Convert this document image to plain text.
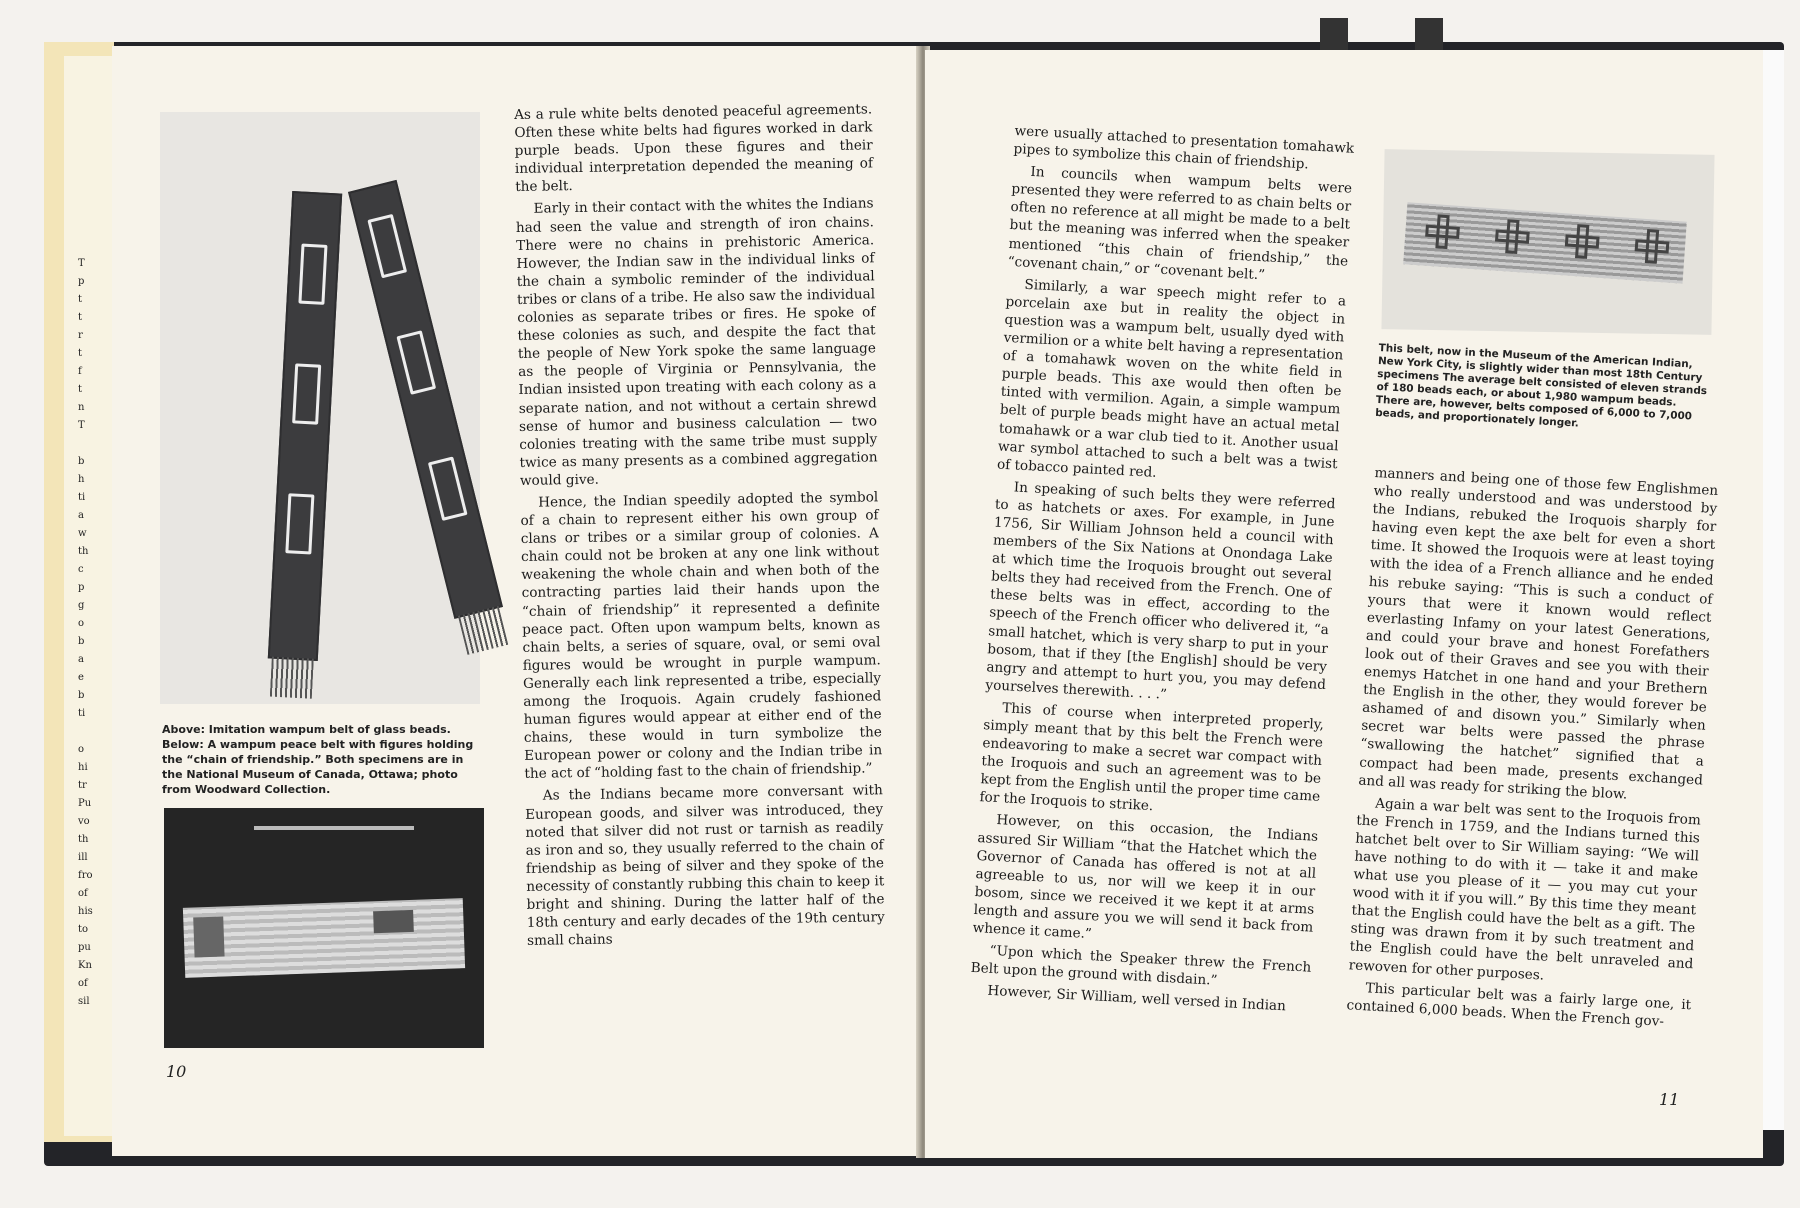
T
p
t
t
r
t
f
t
n
T

b
h
ti
a
w
th
c
p
g
o
b
a
e
b
ti

o
hi
tr
Pu
vo
th
ill
fro
of
his
to
pu
Kn
of
sil
Above: Imitation wampum belt of glass beads. Below: A wampum peace belt with figures holding the “chain of friendship.” Both specimens are in the National Museum of Canada, Ottawa; photo from Woodward Collection.

As a rule white belts denoted peaceful agreements. Often these white belts had figures worked in dark purple beads. Upon these figures and their individual interpretation depended the meaning of the belt.

Early in their contact with the whites the Indians had seen the value and strength of iron chains. There were no chains in prehistoric America. However, the Indian saw in the individual links of the chain a symbolic reminder of the individual tribes or clans of a tribe. He also saw the individual colonies as separate tribes or fires. He spoke of these colonies as such, and despite the fact that the people of New York spoke the same language as the people of Virginia or Pennsylvania, the Indian insisted upon treating with each colony as a separate nation, and not without a certain shrewd sense of humor and business calculation — two colonies treating with the same tribe must supply twice as many presents as a combined aggregation would give.

Hence, the Indian speedily adopted the symbol of a chain to represent either his own group of clans or tribes or a similar group of colonies. A chain could not be broken at any one link without weakening the whole chain and when both of the contracting parties laid their hands upon the “chain of friendship” it represented a definite peace pact. Often upon wampum belts, known as chain belts, a series of square, oval, or semi oval figures would be wrought in purple wampum. Generally each link represented a tribe, especially among the Iroquois. Again crudely fashioned human figures would appear at either end of the chains, these would in turn symbolize the European power or colony and the Indian tribe in the act of “holding fast to the chain of friendship.”

As the Indians became more conversant with European goods, and silver was introduced, they noted that silver did not rust or tarnish as readily as iron and so, they usually referred to the chain of friendship as being of silver and they spoke of the necessity of constantly rubbing this chain to keep it bright and shining. During the latter half of the 18th century and early decades of the 19th century small chains

10

were usually attached to presentation tomahawk pipes to symbolize this chain of friendship.

In councils when wampum belts were presented they were referred to as chain belts or often no reference at all might be made to a belt but the meaning was inferred when the speaker mentioned “this chain of friendship,” the “covenant chain,” or “covenant belt.”

Similarly, a war speech might refer to a porcelain axe but in reality the object in question was a wampum belt, usually dyed with vermilion or a white belt having a representation of a tomahawk woven on the white field in purple beads. This axe would then often be tinted with vermilion. Again, a simple wampum belt of purple beads might have an actual metal tomahawk or a war club tied to it. Another usual war symbol attached to such a belt was a twist of tobacco painted red.

In speaking of such belts they were referred to as hatchets or axes. For example, in June 1756, Sir William Johnson held a council with members of the Six Nations at Onondaga Lake at which time the Iroquois brought out several belts they had received from the French. One of these belts was in effect, according to the speech of the French officer who delivered it, “a small hatchet, which is very sharp to put in your bosom, that if they [the English] should be very angry and attempt to hurt you, you may defend yourselves therewith. . . .”

This of course when interpreted properly, simply meant that by this belt the French were endeavoring to make a secret war compact with the Iroquois and such an agreement was to be kept from the English until the proper time came for the Iroquois to strike.

However, on this occasion, the Indians assured Sir William “that the Hatchet which the Governor of Canada has offered is not at all agreeable to us, nor will we keep it in our bosom, since we received it we kept it at arms length and assure you we will send it back from whence it came.”

“Upon which the Speaker threw the French Belt upon the ground with disdain.”

However, Sir William, well versed in Indian

This belt, now in the Museum of the American Indian, New York City, is slightly wider than most 18th Century specimens The average belt consisted of eleven strands of 180 beads each, or about 1,980 wampum beads. There are, however, belts composed of 6,000 to 7,000 beads, and proportionately longer.

manners and being one of those few Englishmen who really understood and was understood by the Indians, rebuked the Iroquois sharply for having even kept the axe belt for even a short time. It showed the Iroquois were at least toying with the idea of a French alliance and he ended his rebuke saying: “This is such a conduct of yours that were it known would reflect everlasting Infamy on your latest Generations, and could your brave and honest Forefathers look out of their Graves and see you with their enemys Hatchet in one hand and your Brethern the English in the other, they would forever be ashamed of and disown you.” Similarly when secret war belts were passed the phrase “swallowing the hatchet” signified that a compact had been made, presents exchanged and all was ready for striking the blow.

Again a war belt was sent to the Iroquois from the French in 1759, and the Indians turned this hatchet belt over to Sir William saying: “We will have nothing to do with it — take it and make what use you please of it — you may cut your wood with it if you will.” By this time they meant that the English could have the belt as a gift. The sting was drawn from it by such treatment and the English could have the belt unraveled and rewoven for other purposes.

This particular belt was a fairly large one, it contained 6,000 beads. When the French gov-

11
